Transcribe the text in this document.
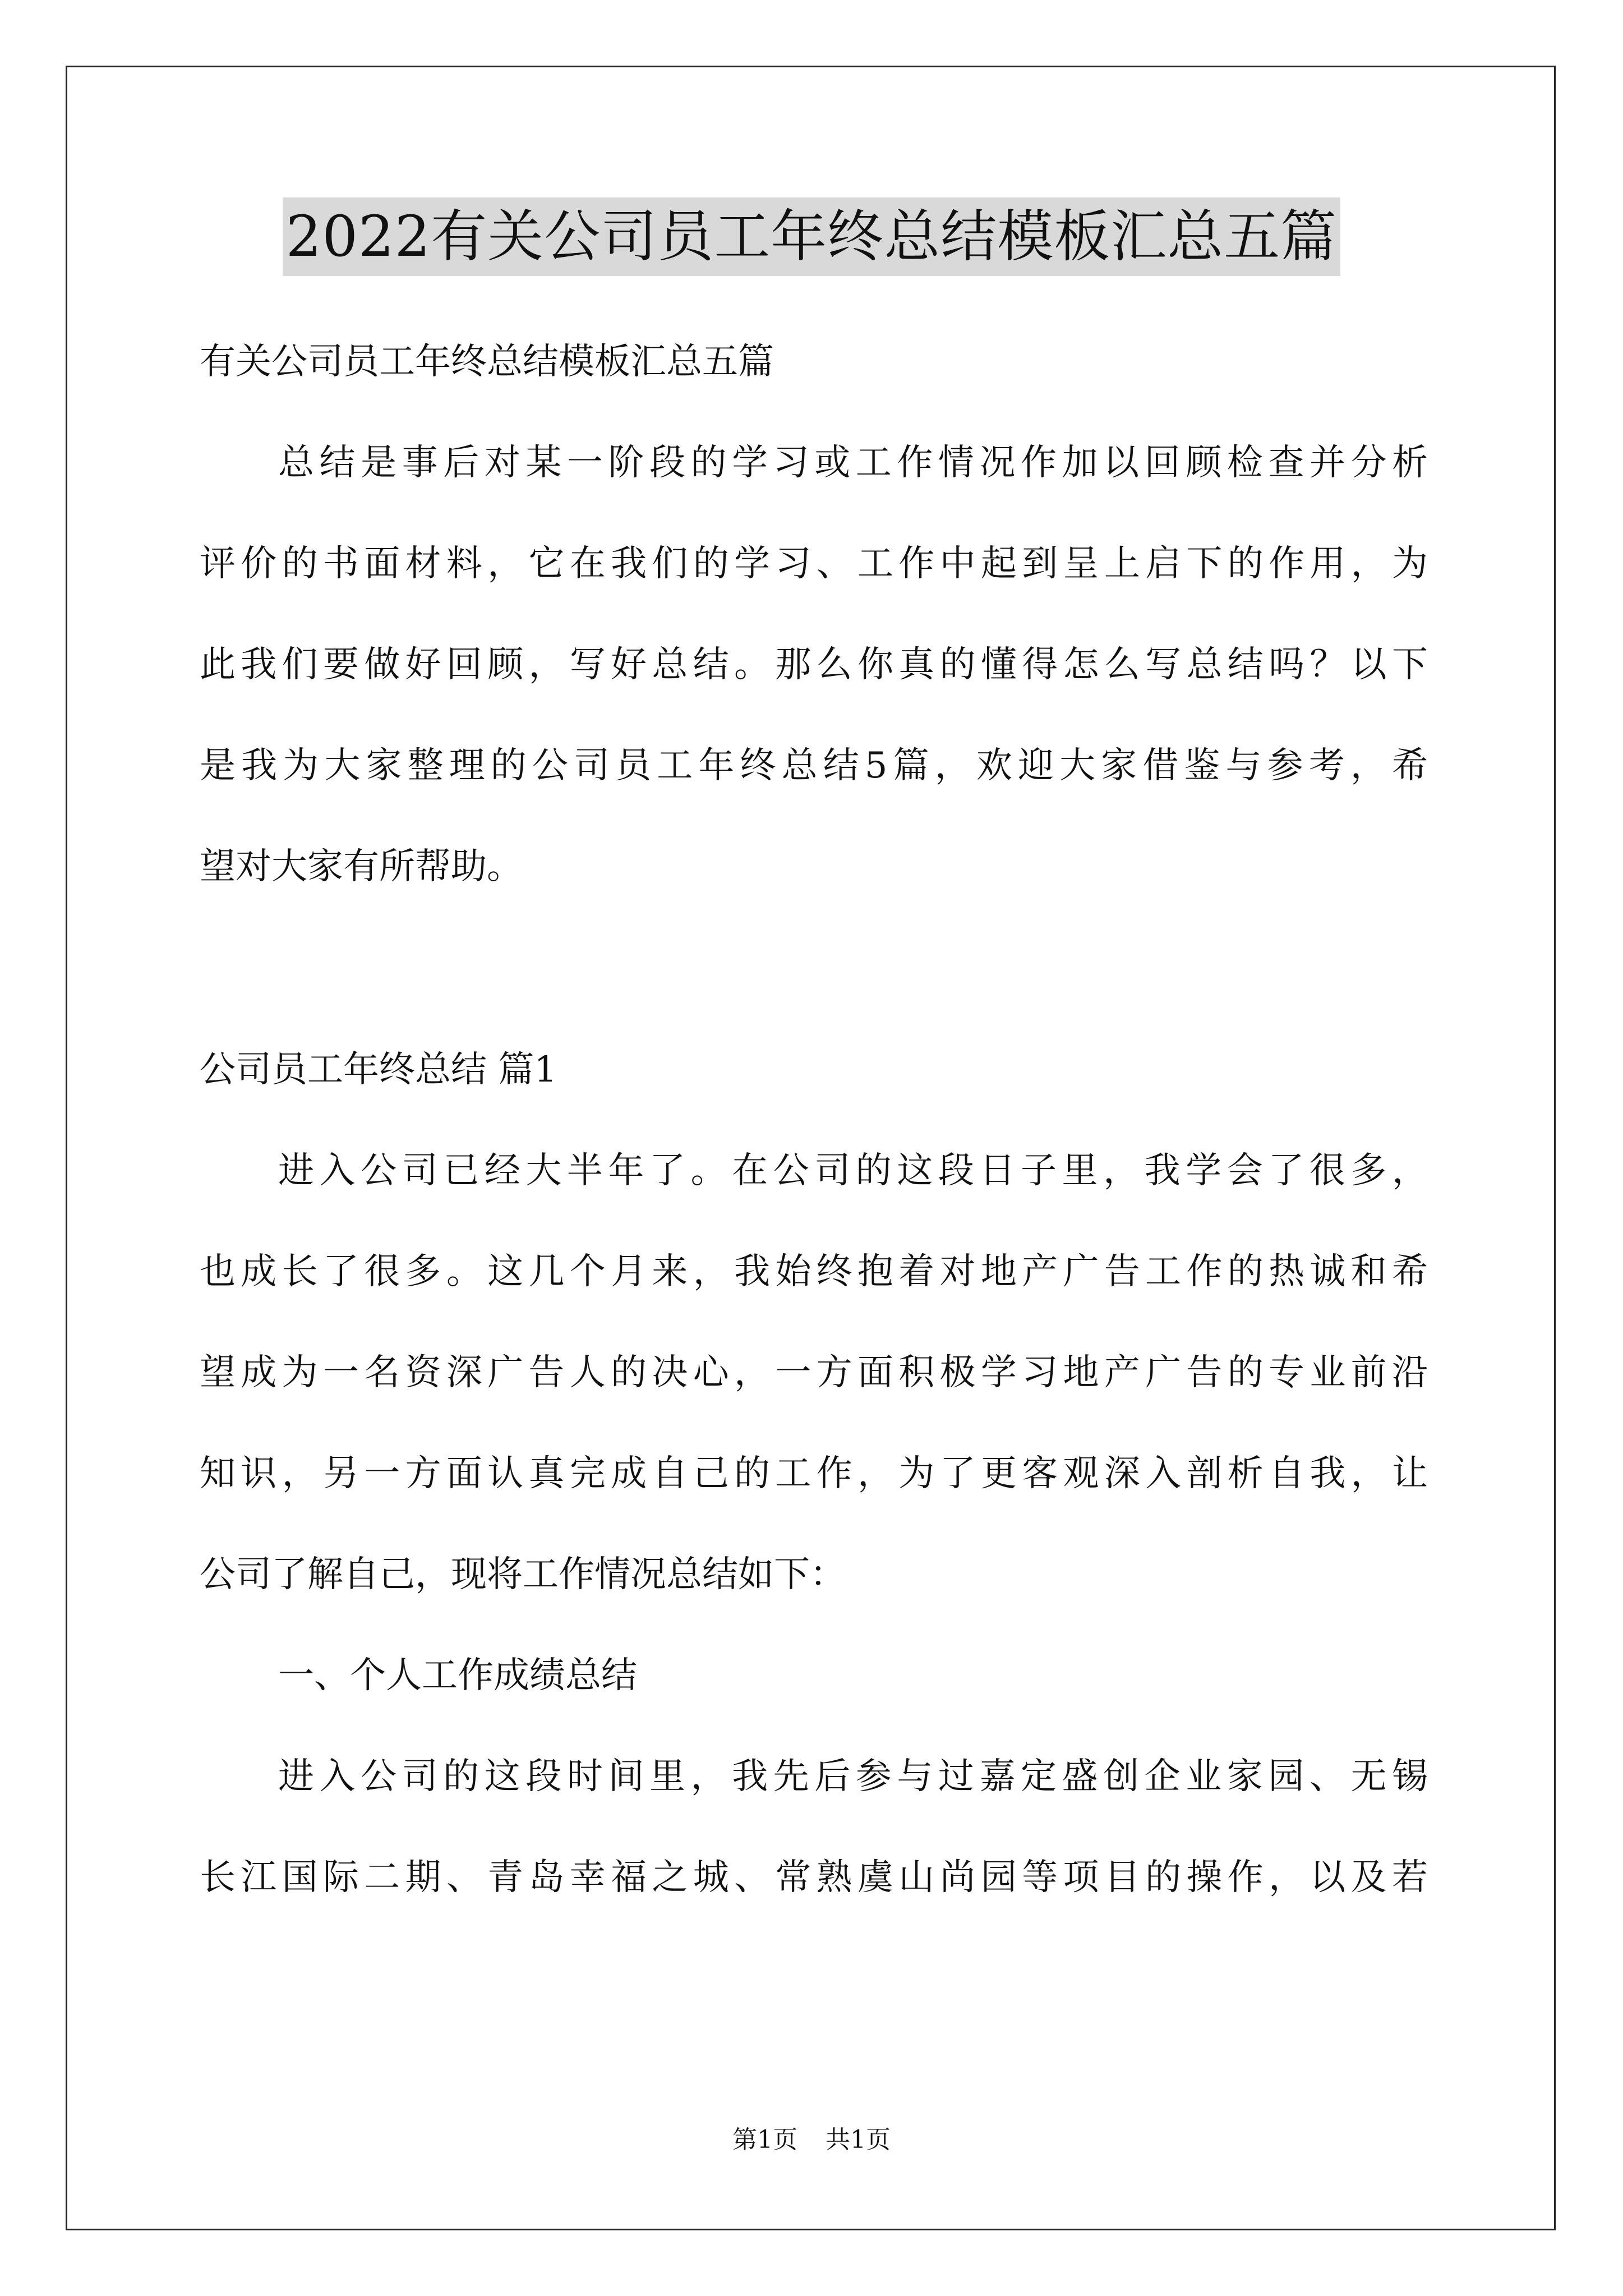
2022有关公司员工年终总结模板汇总五篇
有关公司员工年终总结模板汇总五篇
总结是事后对某一阶段的学习或工作情况作加以回顾检查并分析
评价的书面材料，它在我们的学习、工作中起到呈上启下的作用，为
此我们要做好回顾，写好总结。那么你真的懂得怎么写总结吗？以下
是我为大家整理的公司员工年终总结5篇，欢迎大家借鉴与参考，希
望对大家有所帮助。
公司员工年终总结 篇1
进入公司已经大半年了。在公司的这段日子里，我学会了很多，
也成长了很多。这几个月来，我始终抱着对地产广告工作的热诚和希
望成为一名资深广告人的决心，一方面积极学习地产广告的专业前沿
知识，另一方面认真完成自己的工作，为了更客观深入剖析自我，让
公司了解自己，现将工作情况总结如下：
一、个人工作成绩总结
进入公司的这段时间里，我先后参与过嘉定盛创企业家园、无锡
长江国际二期、青岛幸福之城、常熟虞山尚园等项目的操作，以及若
第1页 共1页
